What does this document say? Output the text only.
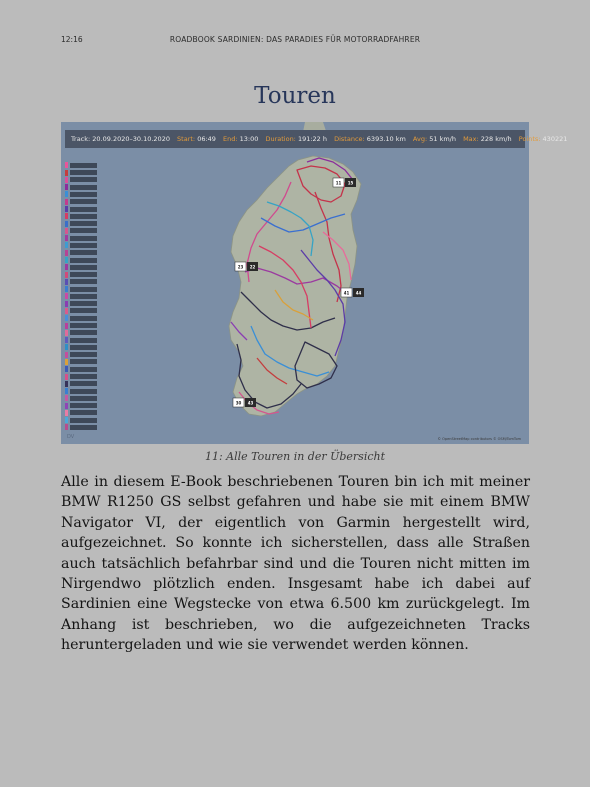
12:16	ROADBOOK SARDINIEN: DAS PARADIES FÜR MOTORRADFAHRER
Touren
11 15
23 22
41 44
30 43
Track: 20.09.2020–30.10.2020 Start: 06:49 End: 13:00 Duration: 191:22 h Distance: 6393.10 km Avg: 51 km/h Max: 228 km/h Points: 430221
© OpenStreetMap contributors © OSM/TomTom
DV
11: Alle Touren in der Übersicht
Alle in diesem E-Book beschriebenen Touren bin ich mit meiner BMW R1250 GS selbst gefahren und habe sie mit einem BMW Navigator VI, der eigentlich von Garmin hergestellt wird, aufgezeichnet. So konnte ich sicherstellen, dass alle Straßen auch tatsächlich befahrbar sind und die Touren nicht mitten im Nirgendwo plötzlich enden. Insgesamt habe ich dabei auf Sardinien eine Wegstecke von etwa 6.500 km zurückgelegt. Im Anhang ist beschrieben, wo die aufgezeichneten Tracks heruntergeladen und wie sie verwendet werden können.
